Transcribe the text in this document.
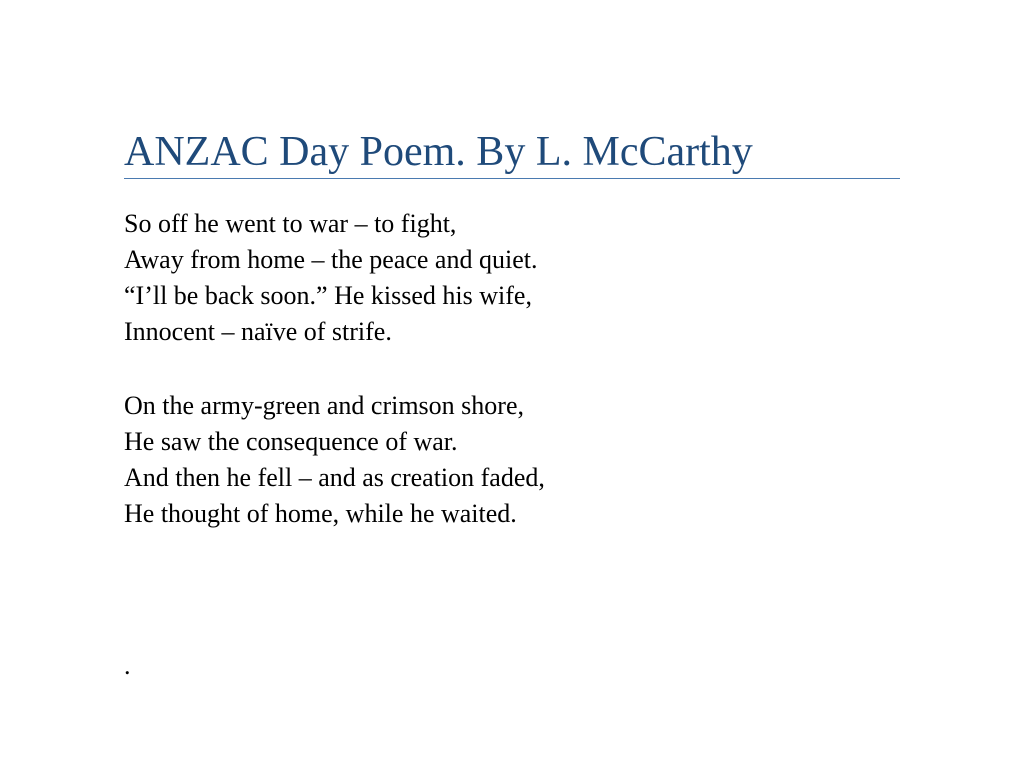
ANZAC Day Poem. By L. McCarthy
So off he went to war – to fight,
Away from home – the peace and quiet.
“I’ll be back soon.” He kissed his wife,
Innocent – naïve of strife.
On the army-green and crimson shore,
He saw the consequence of war.
And then he fell – and as creation faded,
He thought of home, while he waited.
.
